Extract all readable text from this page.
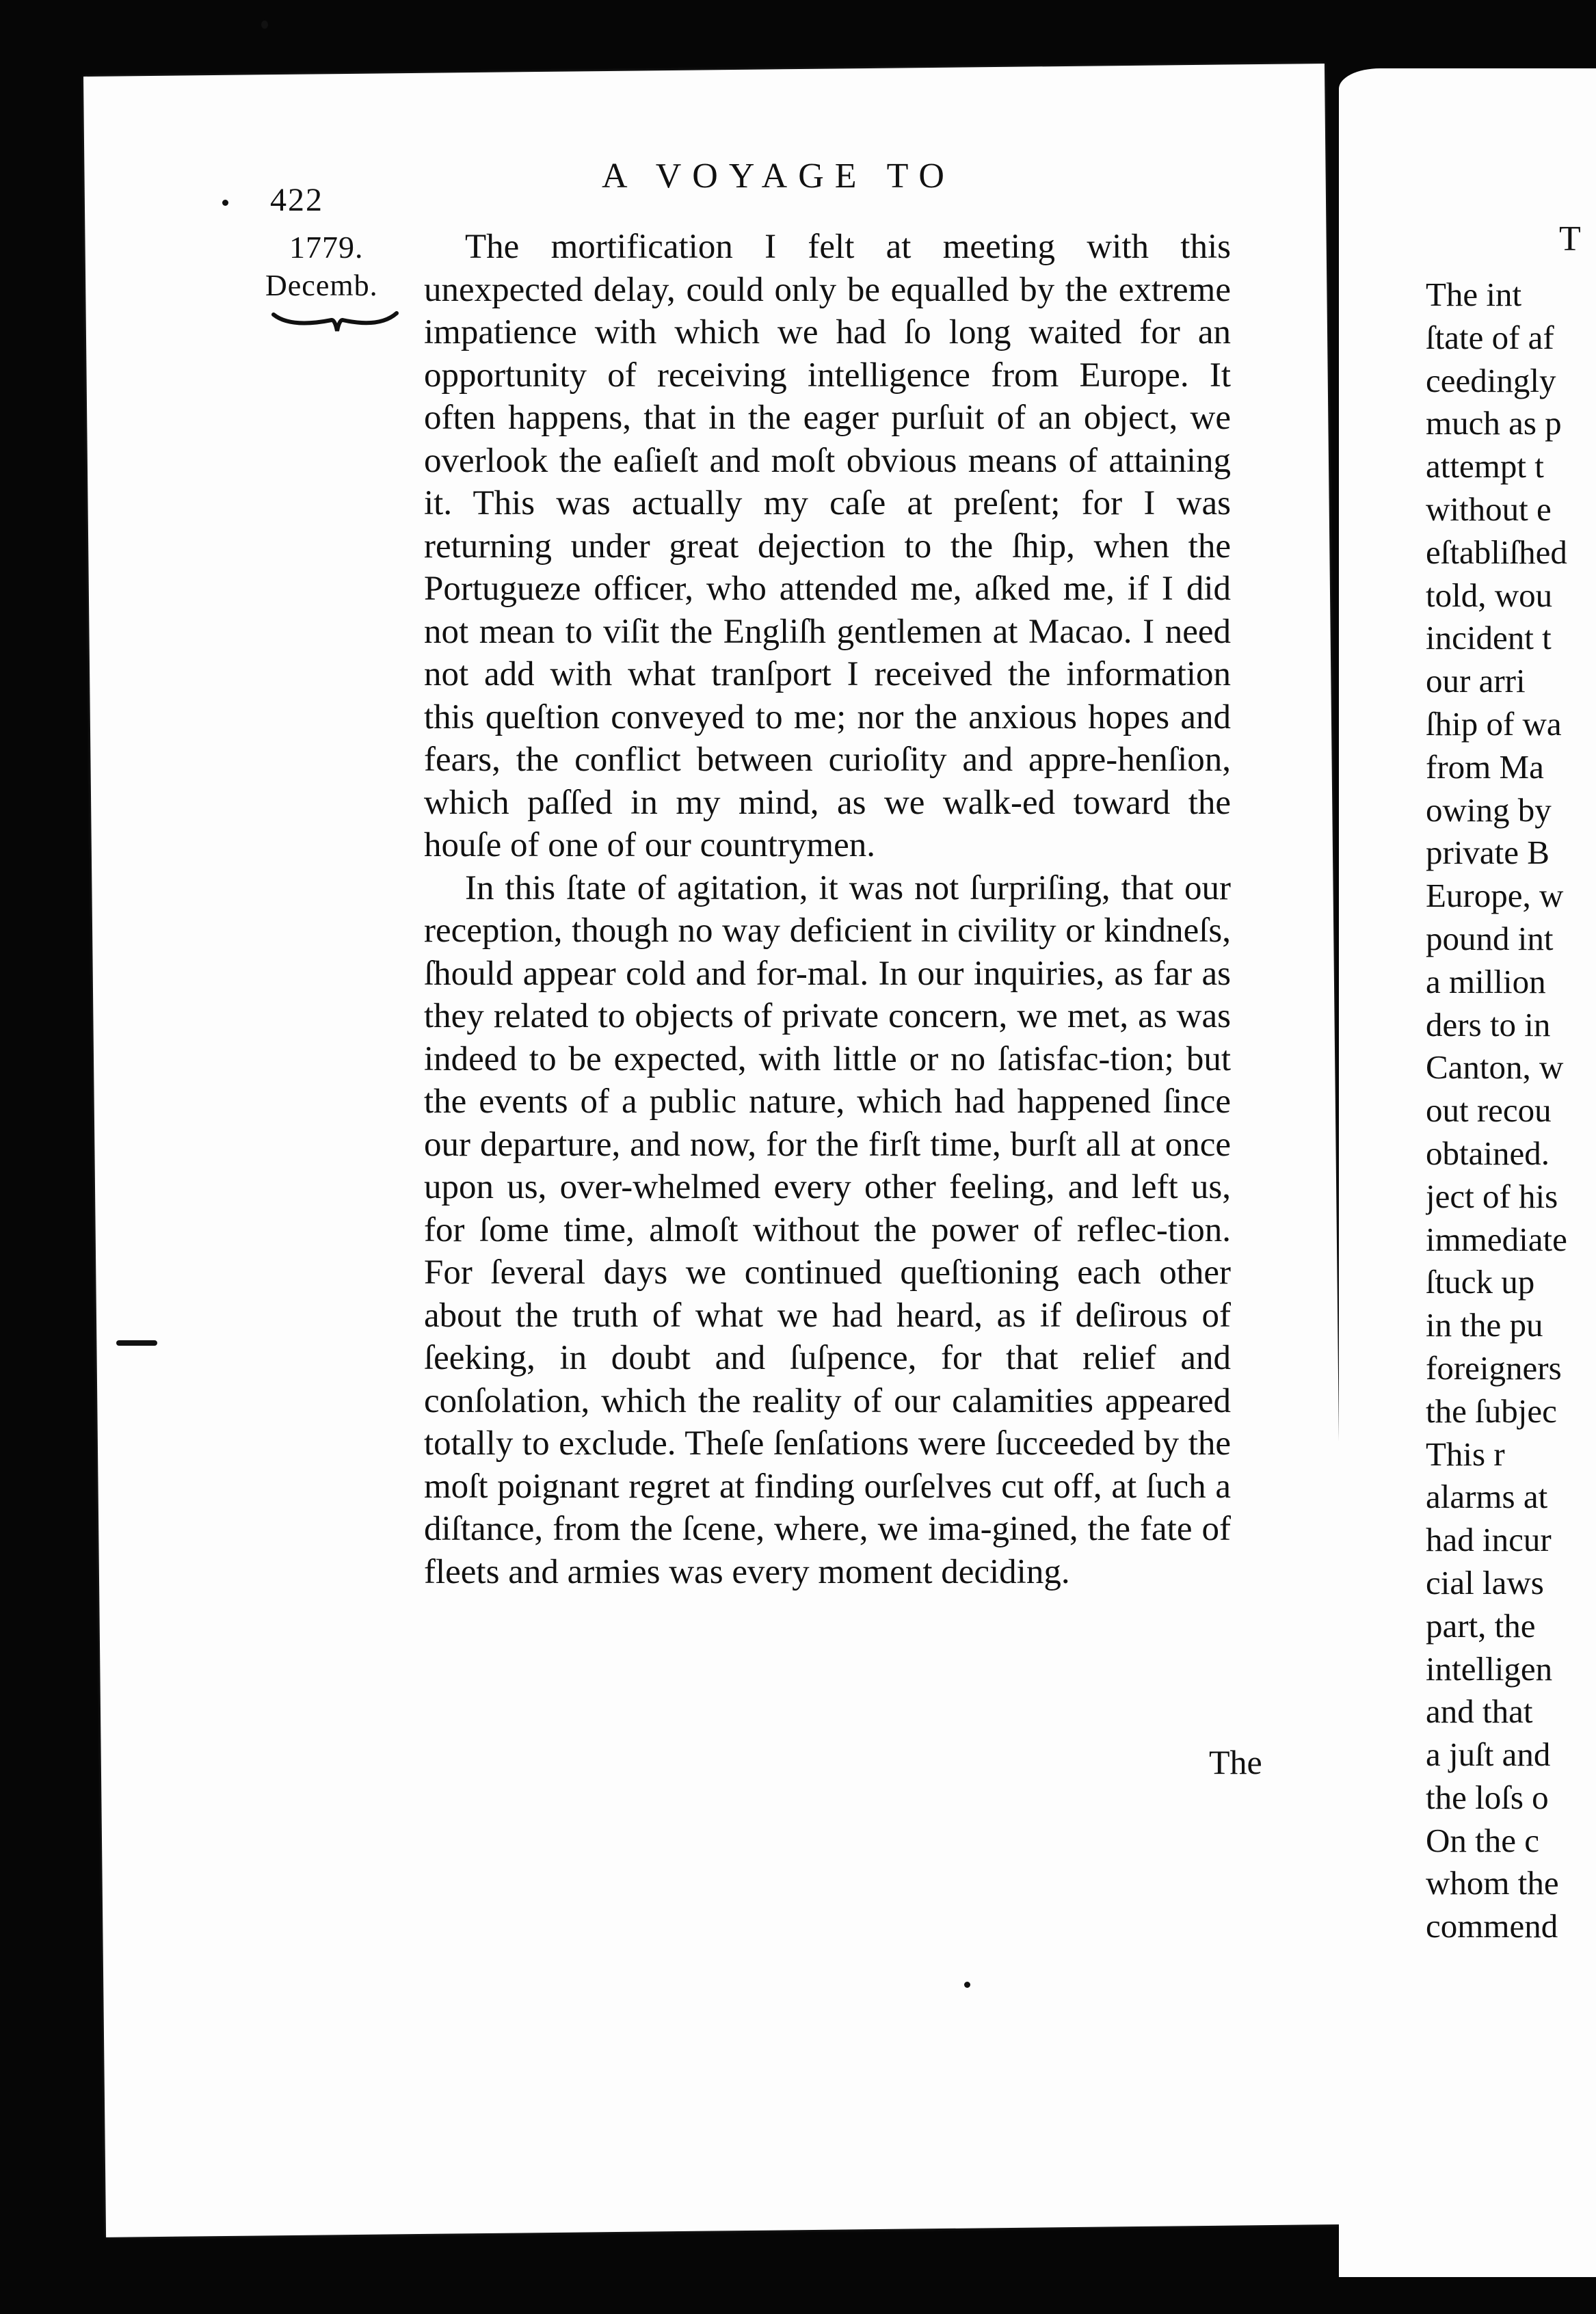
422
A VOYAGE TO
1779.
Decemb.

The mortification I felt at meeting with this unexpected delay, could only be equalled by the extreme impatience with which we had ſo long waited for an opportunity of receiving intelligence from Europe. It often happens, that in the eager purſuit of an object, we overlook the eaſieſt and moſt obvious means of attaining it. This was actually my caſe at preſent; for I was returning under great dejection to the ſhip, when the Portugueze officer, who attended me, aſked me, if I did not mean to viſit the Engliſh gentlemen at Macao. I need not add with what tranſport I received the information this queſtion conveyed to me; nor the anxious hopes and fears, the conflict between curioſity and appre-henſion, which paſſed in my mind, as we walk-ed toward the houſe of one of our countrymen.

In this ſtate of agitation, it was not ſurpriſing, that our reception, though no way deficient in civility or kindneſs, ſhould appear cold and for-mal. In our inquiries, as far as they related to objects of private concern, we met, as was indeed to be expected, with little or no ſatisfac-tion; but the events of a public nature, which had happened ſince our departure, and now, for the firſt time, burſt all at once upon us, over-whelmed every other feeling, and left us, for ſome time, almoſt without the power of reflec-tion. For ſeveral days we continued queſtioning each other about the truth of what we had heard, as if deſirous of ſeeking, in doubt and ſuſpence, for that relief and conſolation, which the reality of our calamities appeared totally to exclude. Theſe ſenſations were ſucceeded by the moſt poignant regret at finding ourſelves cut off, at ſuch a diſtance, from the ſcene, where, we ima-gined, the fate of fleets and armies was every moment deciding.

The
T
The int
ſtate of af
ceedingly
much as p
attempt t
without e
eſtabliſhed
told, wou
incident t
our arri
ſhip of wa
from Ma
owing by
private B
Europe, w
pound int
a million
ders to in
Canton, w
out recou
obtained.
ject of his
immediate
ſtuck up
in the pu
foreigners
the ſubjec
This r
alarms at
had incur
cial laws
part, the
intelligen
and that
a juſt and
the loſs o
On the c
whom the
commend
